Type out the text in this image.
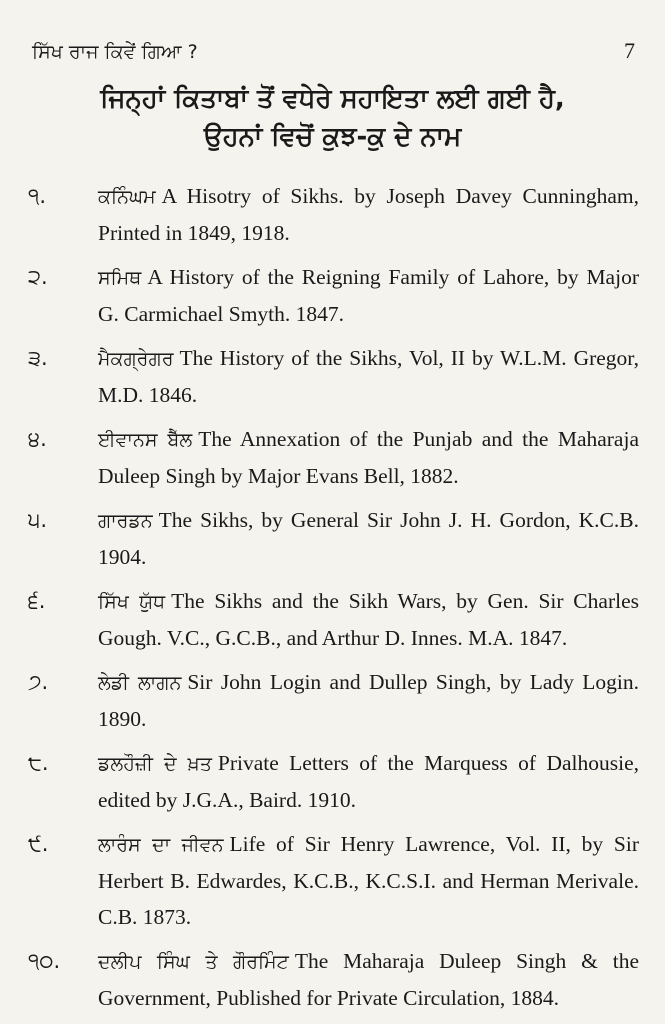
ਸਿੱਖ ਰਾਜ ਕਿਵੇਂ ਗਿਆ ?	7
ਜਿਨ੍ਹਾਂ ਕਿਤਾਬਾਂ ਤੋਂ ਵਧੇਰੇ ਸਹਾਇਤਾ ਲਈ ਗਈ ਹੈ,
ਉਹਨਾਂ ਵਿਚੋਂ ਕੁਝ-ਕੁ ਦੇ ਨਾਮ
੧.	ਕਨਿੰਘਮ A Hisotry of Sikhs. by Joseph Davey Cunningham, Printed in 1849, 1918.
੨.	ਸਮਿਥ A History of the Reigning Family of Lahore, by Major G. Carmichael Smyth. 1847.
੩.	ਮੈਕਗ੍ਰੇਗਰ The History of the Sikhs, Vol, II by W.L.M. Gregor, M.D. 1846.
੪.	ਈਵਾਨਸ ਬੈੱਲ The Annexation of the Punjab and the Maharaja Duleep Singh by Major Evans Bell, 1882.
੫.	ਗਾਰਡਨ The Sikhs, by General Sir John J. H. Gordon, K.C.B. 1904.
੬.	ਸਿੱਖ ਯੁੱਧ The Sikhs and the Sikh Wars, by Gen. Sir Charles Gough. V.C., G.C.B., and Arthur D. Innes. M.A. 1847.
੭.	ਲੇਡੀ ਲਾਗਨ Sir John Login and Dullep Singh, by Lady Login. 1890.
੮.	ਡਲਹੌਜ਼ੀ ਦੇ ਖ਼ਤ Private Letters of the Marquess of Dalhousie, edited by J.G.A., Baird. 1910.
੯.	ਲਾਰੰਸ ਦਾ ਜੀਵਨ Life of Sir Henry Lawrence, Vol. II, by Sir Herbert B. Edwardes, K.C.B., K.C.S.I. and Herman Merivale. C.B. 1873.
੧੦.	ਦਲੀਪ ਸਿੰਘ ਤੇ ਗੌਰਮਿੰਟ The Maharaja Duleep Singh & the Government, Published for Private Circulation, 1884.
